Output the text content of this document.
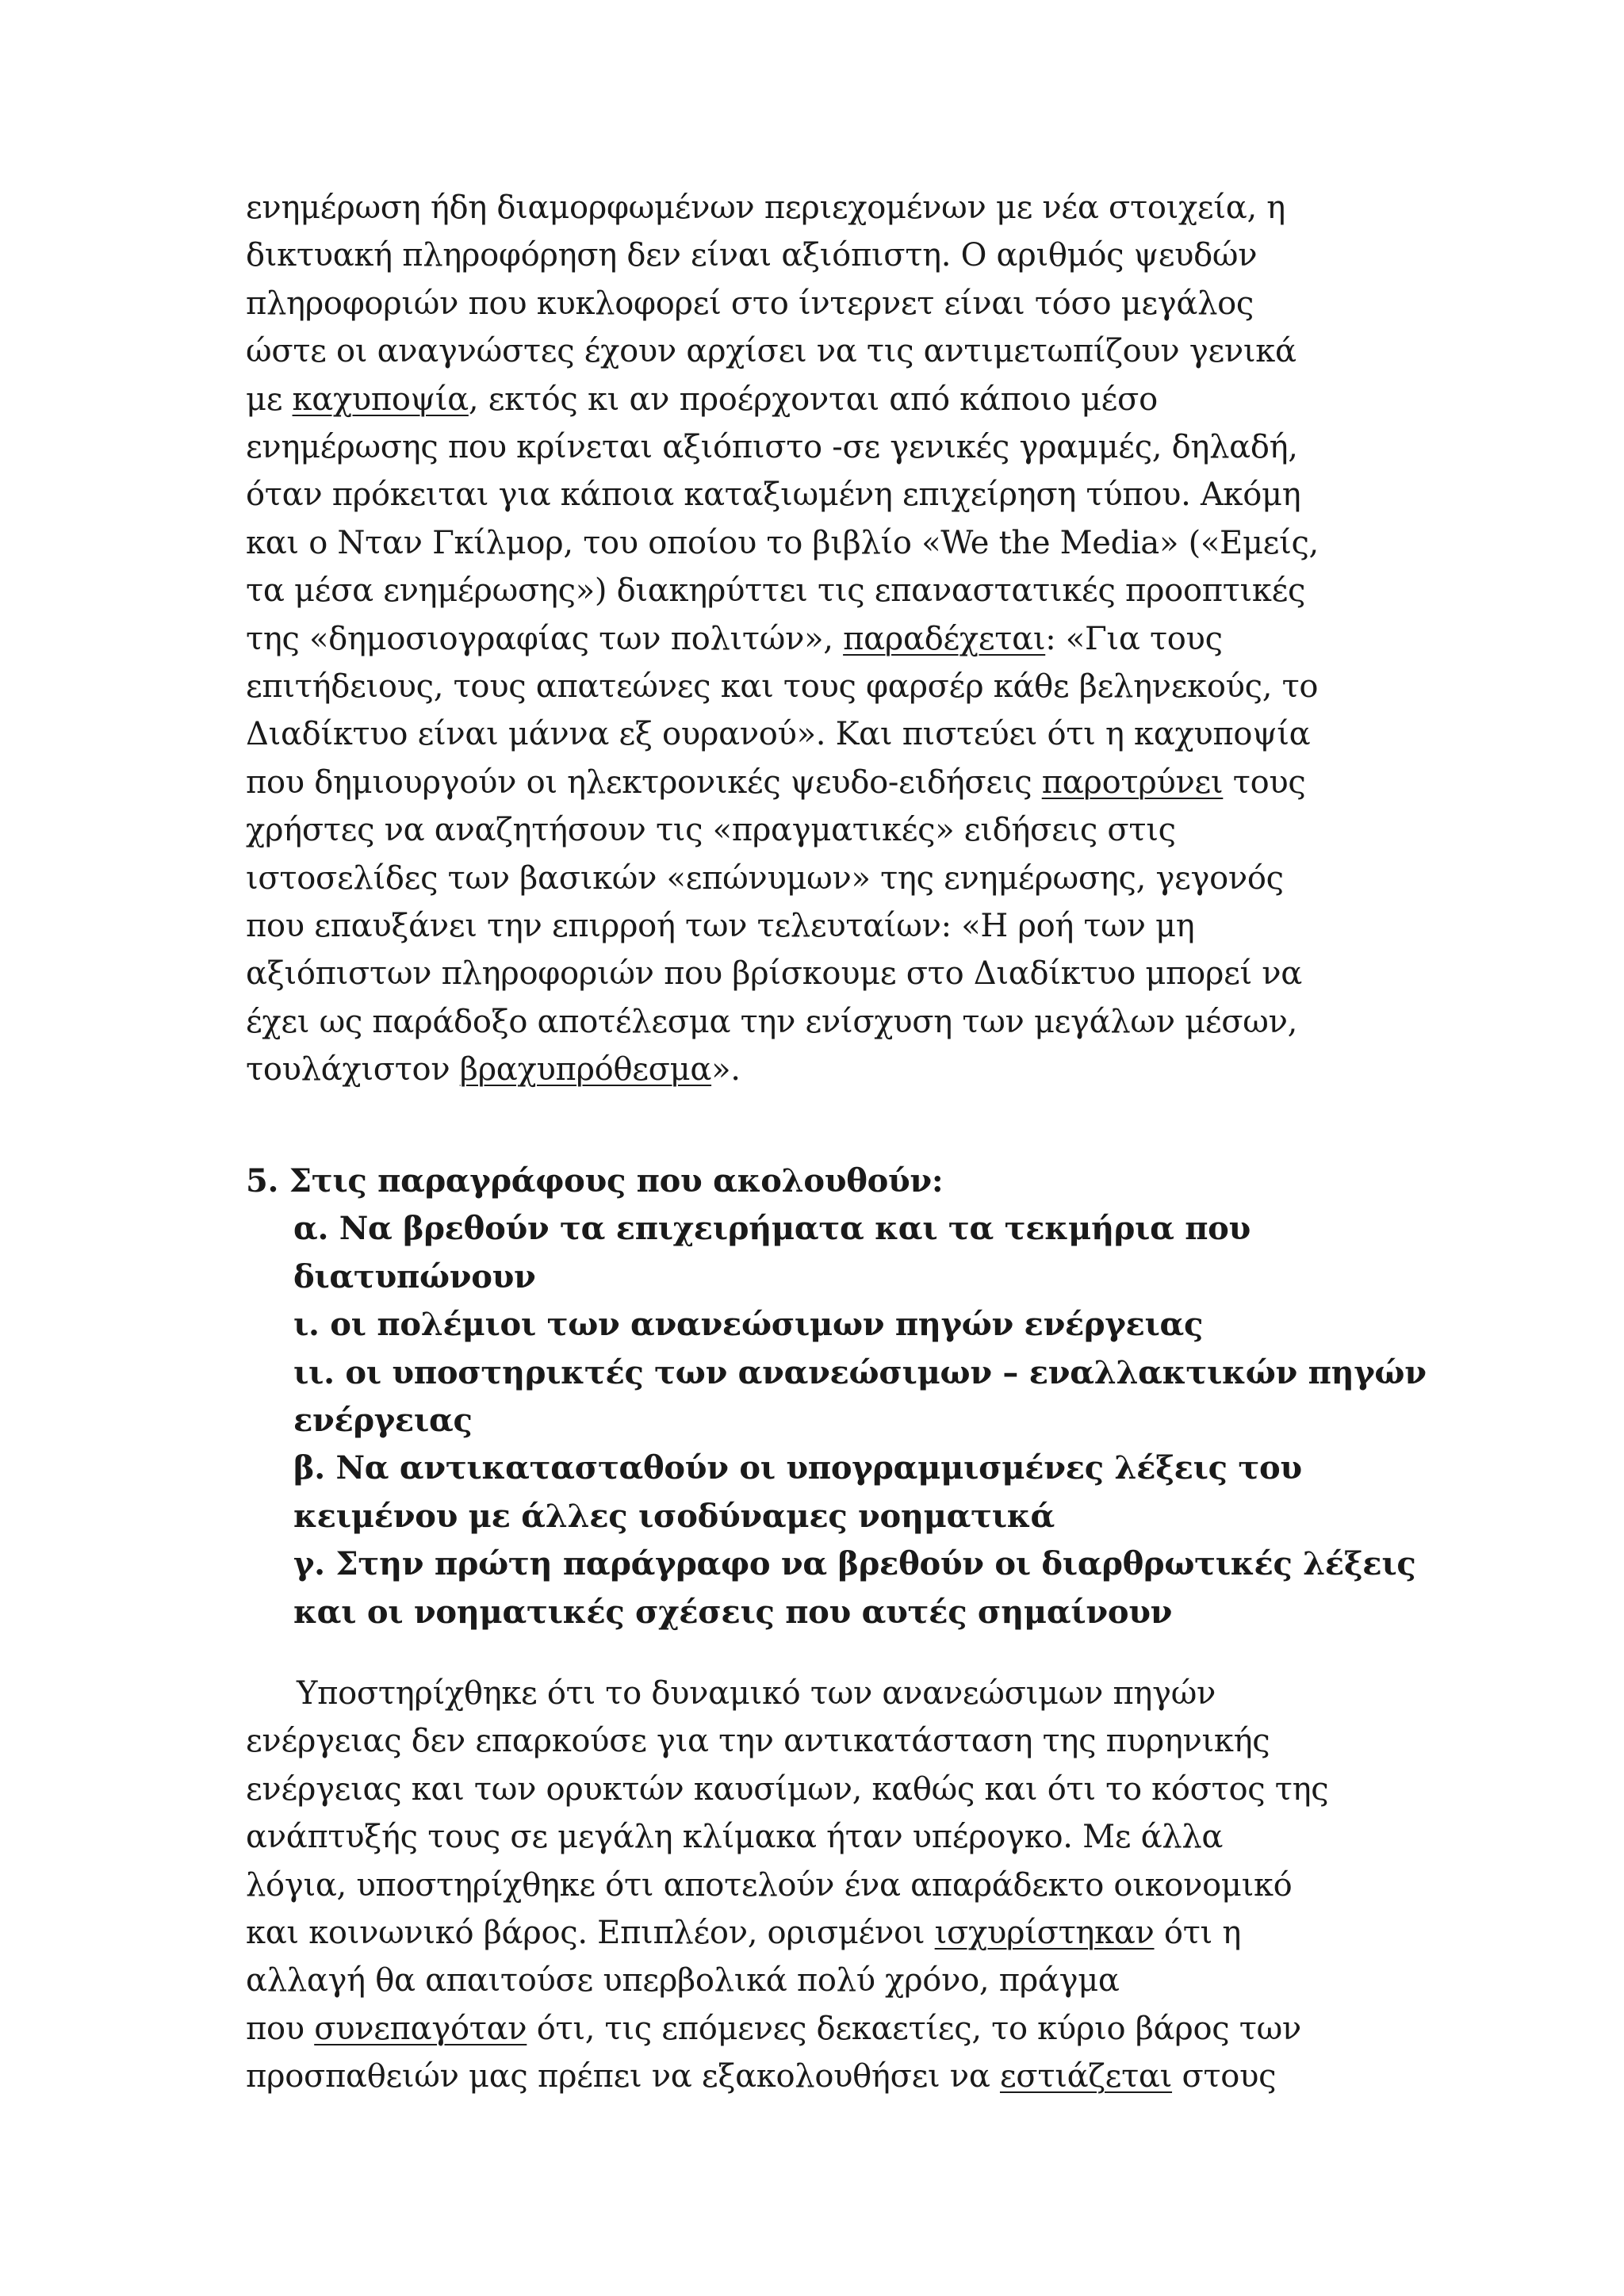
ενημέρωση ήδη διαμορφωμένων περιεχομένων με νέα στοιχεία, η
δικτυακή πληροφόρηση δεν είναι αξιόπιστη. Ο αριθμός ψευδών
πληροφοριών που κυκλοφορεί στο ίντερνετ είναι τόσο μεγάλος
ώστε οι αναγνώστες έχουν αρχίσει να τις αντιμετωπίζουν γενικά
με καχυποψία, εκτός κι αν προέρχονται από κάποιο μέσο
ενημέρωσης που κρίνεται αξιόπιστο -σε γενικές γραμμές, δηλαδή,
όταν πρόκειται για κάποια καταξιωμένη επιχείρηση τύπου. Ακόμη
και ο Νταν Γκίλμορ, του οποίου το βιβλίο «We the Media» («Εμείς,
τα μέσα ενημέρωσης») διακηρύττει τις επαναστατικές προοπτικές
της «δημοσιογραφίας των πολιτών», παραδέχεται: «Για τους
επιτήδειους, τους απατεώνες και τους φαρσέρ κάθε βεληνεκούς, το
Διαδίκτυο είναι μάννα εξ ουρανού». Και πιστεύει ότι η καχυποψία
που δημιουργούν οι ηλεκτρονικές ψευδο-ειδήσεις παροτρύνει τους
χρήστες να αναζητήσουν τις «πραγματικές» ειδήσεις στις
ιστοσελίδες των βασικών «επώνυμων» της ενημέρωσης, γεγονός
που επαυξάνει την επιρροή των τελευταίων: «Η ροή των μη
αξιόπιστων πληροφοριών που βρίσκουμε στο Διαδίκτυο μπορεί να
έχει ως παράδοξο αποτέλεσμα την ενίσχυση των μεγάλων μέσων,
τουλάχιστον βραχυπρόθεσμα».
5. Στις παραγράφους που ακολουθούν:
α. Να βρεθούν τα επιχειρήματα και τα τεκμήρια που
διατυπώνουν
ι. οι πολέμιοι των ανανεώσιμων πηγών ενέργειας
ιι. οι υποστηρικτές των ανανεώσιμων – εναλλακτικών πηγών
ενέργειας
β. Να αντικατασταθούν οι υπογραμμισμένες λέξεις του
κειμένου με άλλες ισοδύναμες νοηματικά
γ. Στην πρώτη παράγραφο να βρεθούν οι διαρθρωτικές λέξεις
και οι νοηματικές σχέσεις που αυτές σημαίνουν
Υποστηρίχθηκε ότι το δυναμικό των ανανεώσιμων πηγών
ενέργειας δεν επαρκούσε για την αντικατάσταση της πυρηνικής
ενέργειας και των ορυκτών καυσίμων, καθώς και ότι το κόστος της
ανάπτυξής τους σε μεγάλη κλίμακα ήταν υπέρογκο. Με άλλα
λόγια, υποστηρίχθηκε ότι αποτελούν ένα απαράδεκτο οικονομικό
και κοινωνικό βάρος. Επιπλέον, ορισμένοι ισχυρίστηκαν ότι η
αλλαγή θα απαιτούσε υπερβολικά πολύ χρόνο, πράγμα
που συνεπαγόταν ότι, τις επόμενες δεκαετίες, το κύριο βάρος των
προσπαθειών μας πρέπει να εξακολουθήσει να εστιάζεται στους
